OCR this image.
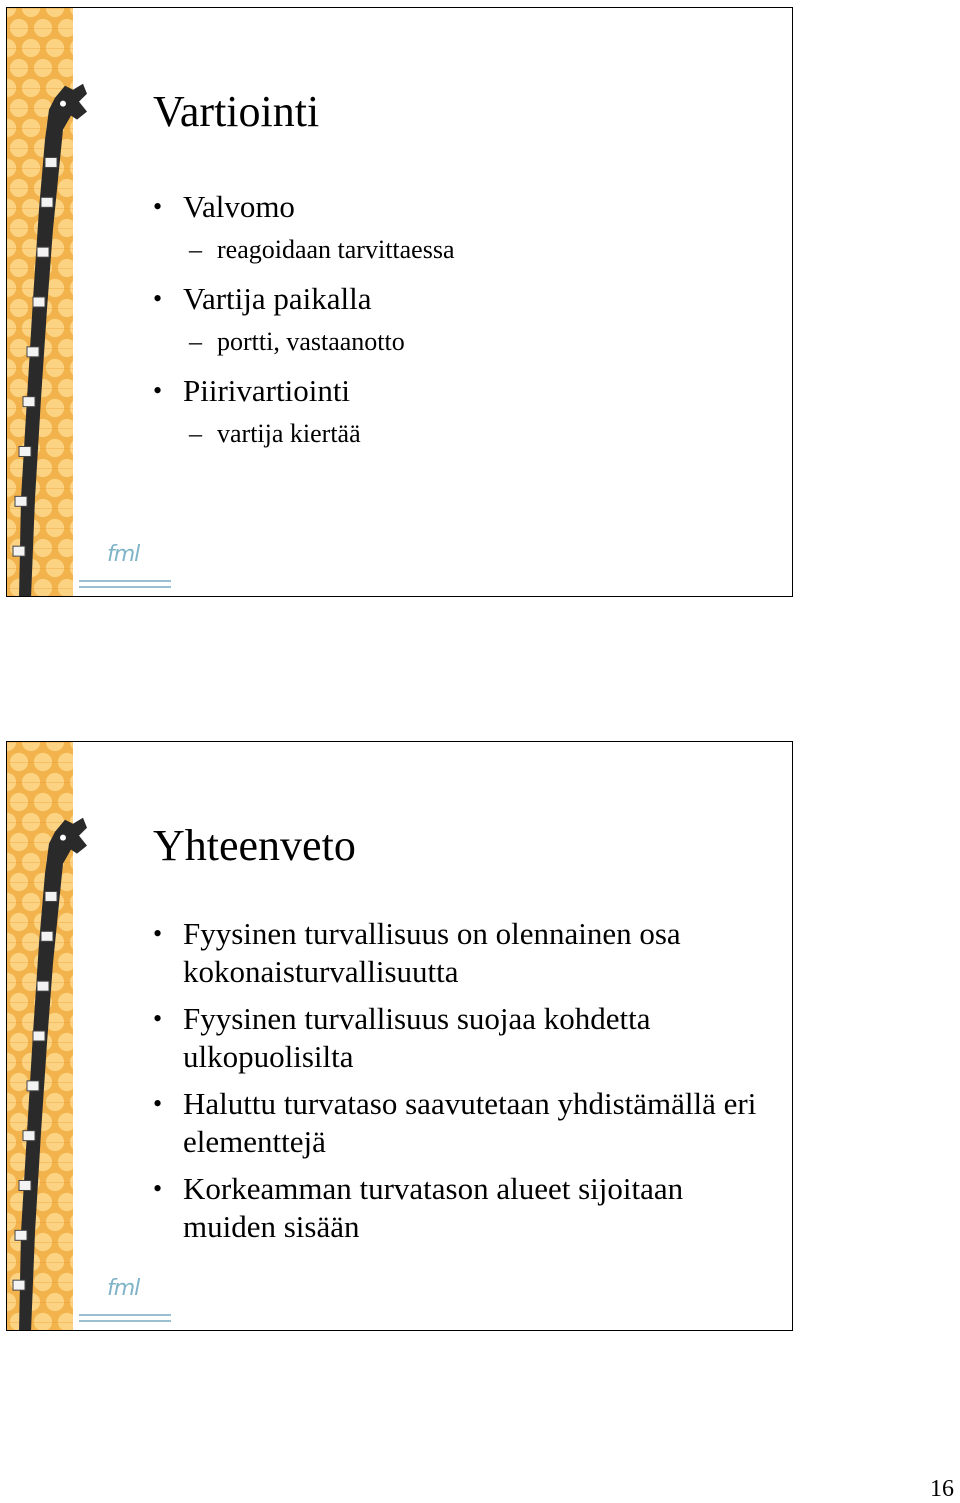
fml
Vartiointi
• Valvomo
– reagoidaan tarvittaessa
• Vartija paikalla
– portti, vastaanotto
• Piirivartiointi
– vartija kiertää
fml
Yhteenveto
• Fyysinen turvallisuus on olennainen osa kokonaisturvallisuutta
• Fyysinen turvallisuus suojaa kohdetta ulkopuolisilta
• Haluttu turvataso saavutetaan yhdistämällä eri elementtejä
• Korkeamman turvatason alueet sijoitaan muiden sisään
16
